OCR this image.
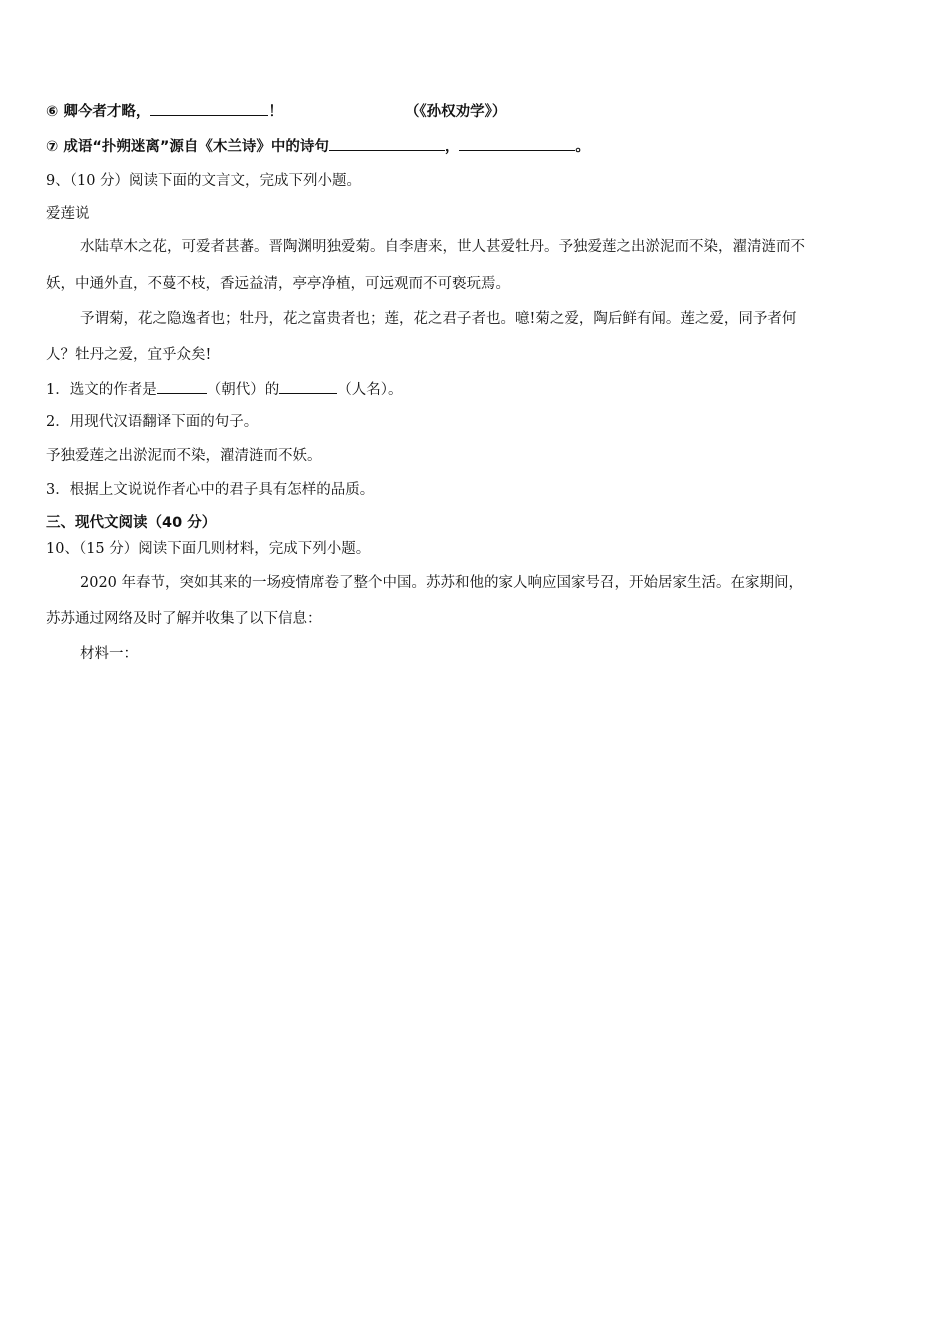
⑥ 卿今者才略，	！	（《孙权劝学》）
⑦ 成语“扑朔迷离”源自《木兰诗》中的诗句	，	。
9、（10 分）阅读下面的文言文，完成下列小题。
爱莲说
水陆草木之花，可爱者甚蕃。晋陶渊明独爱菊。自李唐来，世人甚爱牡丹。予独爱莲之出淤泥而不染，濯清涟而不
妖，中通外直，不蔓不枝，香远益清，亭亭净植，可远观而不可亵玩焉。
予谓菊，花之隐逸者也；牡丹，花之富贵者也；莲，花之君子者也。噫!菊之爱，陶后鲜有闻。莲之爱，同予者何
人？牡丹之爱，宜乎众矣!
1．选文的作者是	（朝代）的	（人名）。
2．用现代汉语翻译下面的句子。
予独爱莲之出淤泥而不染，濯清涟而不妖。
3．根据上文说说作者心中的君子具有怎样的品质。
三、现代文阅读（40 分）
10、（15 分）阅读下面几则材料，完成下列小题。
2020 年春节，突如其来的一场疫情席卷了整个中国。苏苏和他的家人响应国家号召，开始居家生活。在家期间，
苏苏通过网络及时了解并收集了以下信息：
材料一：
